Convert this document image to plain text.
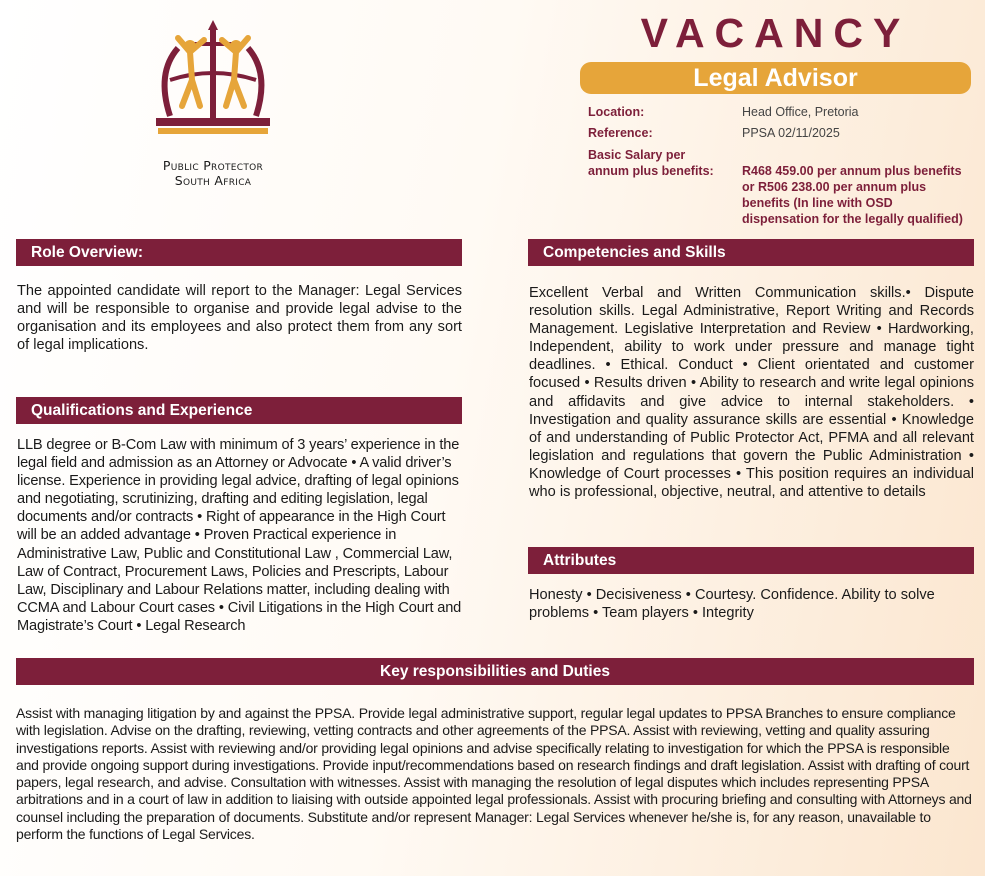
Public Protector
South Africa
VACANCY
Legal Advisor
Location:	Head Office, Pretoria
Reference:	PPSA 02/11/2025
Basic Salary per
annum plus benefits: R468 459.00 per annum plus benefits
or R506 238.00 per annum plus
benefits (In line with OSD
dispensation for the legally qualified)
Role Overview:
The appointed candidate will report to the Manager: Legal Services and will be responsible to organise and provide legal advise to the organisation and its employees and also protect them from any sort of legal implications.
Qualifications and Experience
LLB degree or B-Com Law with minimum of 3 years’ experience in the legal field and admission as an Attorney or Advocate • A valid driver’s license. Experience in providing legal advice, drafting of legal opinions and negotiating, scrutinizing, drafting and editing legislation, legal documents and/or contracts • Right of appearance in the High Court will be an added advantage • Proven Practical experience in Administrative Law, Public and Constitutional Law , Commercial Law, Law of Contract, Procurement Laws, Policies and Prescripts, Labour Law, Disciplinary and Labour Relations matter, including dealing with CCMA and Labour Court cases • Civil Litigations in the High Court and Magistrate’s Court • Legal Research
Competencies and Skills
Excellent Verbal and Written Communication skills.• Dispute resolution skills. Legal Administrative, Report Writing and Records Management. Legislative Interpretation and Review • Hardworking, Independent, ability to work under pressure and manage tight deadlines. • Ethical. Conduct • Client orientated and customer focused • Results driven • Ability to research and write legal opinions and affidavits and give advice to internal stakeholders. • Investigation and quality assurance skills are essential • Knowledge of and understanding of Public Protector Act, PFMA and all relevant legislation and regulations that govern the Public Administration • Knowledge of Court processes • This position requires an individual who is professional, objective, neutral, and attentive to details
Attributes
Honesty • Decisiveness • Courtesy. Confidence. Ability to solve problems • Team players • Integrity
Key responsibilities and Duties
Assist with managing litigation by and against the PPSA. Provide legal administrative support, regular legal updates to PPSA Branches to ensure compliance with legislation. Advise on the drafting, reviewing, vetting contracts and other agreements of the PPSA. Assist with reviewing, vetting and quality assuring investigations reports. Assist with reviewing and/or providing legal opinions and advise specifically relating to investigation for which the PPSA is responsible and provide ongoing support during investigations. Provide input/recommendations based on research findings and draft legislation. Assist with drafting of court papers, legal research, and advise. Consultation with witnesses. Assist with managing the resolution of legal disputes which includes representing PPSA arbitrations and in a court of law in addition to liaising with outside appointed legal professionals. Assist with procuring briefing and consulting with Attorneys and counsel including the preparation of documents. Substitute and/or represent Manager: Legal Services whenever he/she is, for any reason, unavailable to perform the functions of Legal Services.
